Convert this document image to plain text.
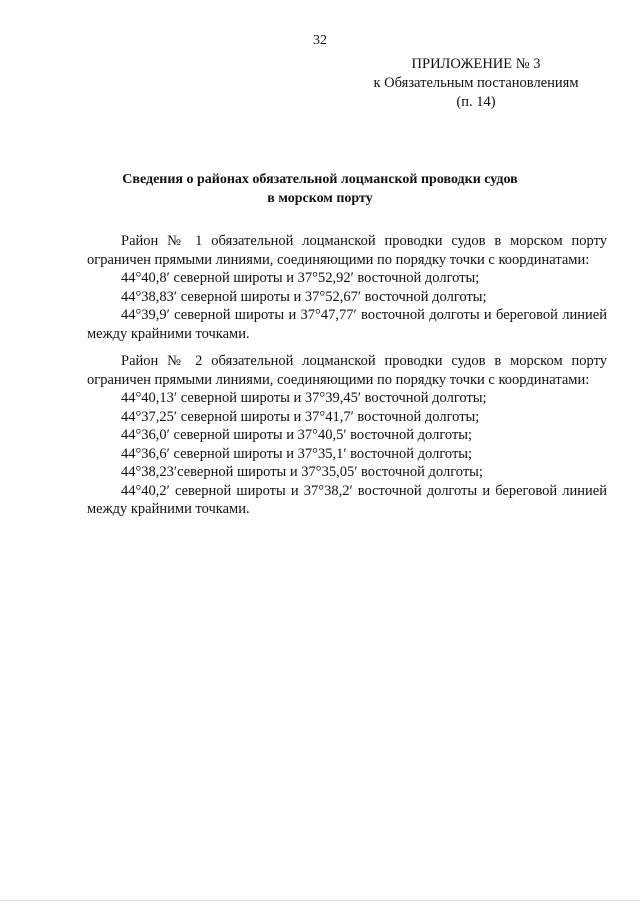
32
ПРИЛОЖЕНИЕ № 3
к Обязательным постановлениям
(п. 14)
Сведения о районах обязательной лоцманской проводки судов
в морском порту

Район № 1 обязательной лоцманской проводки судов в морском порту ограничен прямыми линиями, соединяющими по порядку точки с координатами:

44°40,8′ северной широты и 37°52,92′ восточной долготы;

44°38,83′ северной широты и 37°52,67′ восточной долготы;

44°39,9′ северной широты и 37°47,77′ восточной долготы и береговой линией между крайними точками.

Район № 2 обязательной лоцманской проводки судов в морском порту ограничен прямыми линиями, соединяющими по порядку точки с координатами:

44°40,13′ северной широты и 37°39,45′ восточной долготы;

44°37,25′ северной широты и 37°41,7′ восточной долготы;

44°36,0′ северной широты и 37°40,5′ восточной долготы;

44°36,6′ северной широты и 37°35,1′ восточной долготы;

44°38,23′северной широты и 37°35,05′ восточной долготы;

44°40,2′ северной широты и 37°38,2′ восточной долготы и береговой линией между крайними точками.
